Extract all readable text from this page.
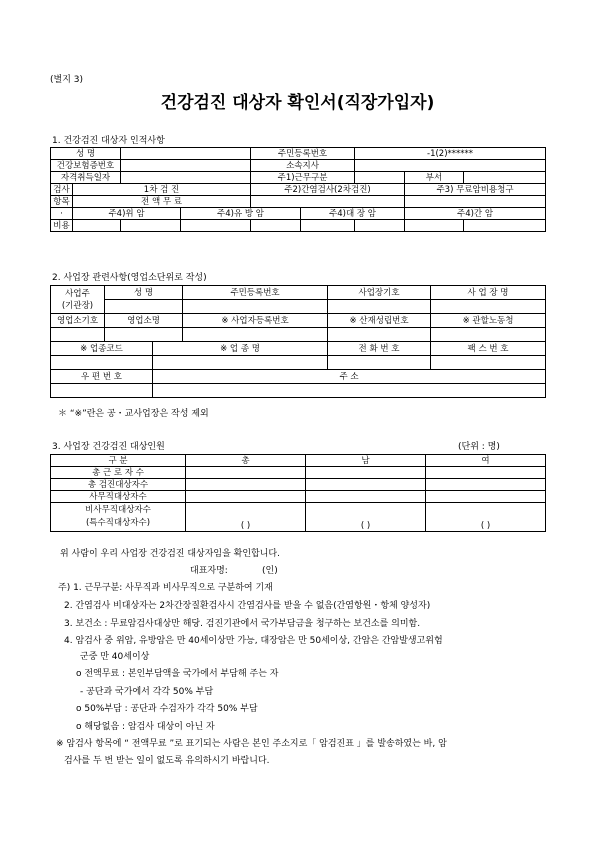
(별지 3)
건강검진 대상자 확인서(직장가입자)
1. 건강검진 대상자 인적사항
성 명				주민등록번호		-1(2)******		
건강보험증번호				소속지사				
자격취득일자				주1)근무구분			부서	
검사	1차 검 진			주2)간염검사(2차검진)			주3) 무료암비용청구	
항목	전 액 무 료							
·	주4)위 암		주4)유 방 암		주4)대 장 암		주4)간 암	
비용								
2. 사업장 관련사항(영업소단위로 작성)
사업주
(기관장)	성 명		주민등록번호	사업장기호	사 업 장 명

영업소기호	영업소명		※ 사업자등록번호	※ 산재성립번호	※ 관할노동청

※ 업종코드		※ 업 종 명		전 화 번 호	팩 스 번 호

우 편 번 호		주 소			

＊ “※”란은 공・교사업장은 작성 제외
3. 사업장 건강검진 대상인원	(단위 : 명)
구 분	총	남	여
총 근 로 자 수			
총 검진대상자수			
사무직대상자수			

비사무직대상자수
(특수직대상자수)	( )	( )	( )
위 사람이 우리 사업장 건강검진 대상자임을 확인합니다.
대표자명:	(인)
주) 1. 근무구분: 사무직과 비사무직으로 구분하여 기재
2. 간염검사 비대상자는 2차간장질환검사시 간염검사를 받을 수 없음(간염항원・항체 양성자)
3. 보건소 : 무료암검사대상만 해당. 검진기관에서 국가부담금을 청구하는 보건소를 의미함.
4. 암검사 중 위암, 유방암은 만 40세이상만 가능, 대장암은 만 50세이상, 간암은 간암발생고위험
군중 만 40세이상
o 전액무료 : 본인부담액을 국가에서 부담해 주는 자
- 공단과 국가에서 각각 50% 부담
o 50%부담 : 공단과 수검자가 각각 50% 부담
o 해당없음 : 암검사 대상이 아닌 자
※ 암검사 항목에 “ 전액무료 ”로 표기되는 사람은 본인 주소지로「 암검진표 」를 발송하였는 바, 암
검사를 두 번 받는 일이 없도록 유의하시기 바랍니다.
